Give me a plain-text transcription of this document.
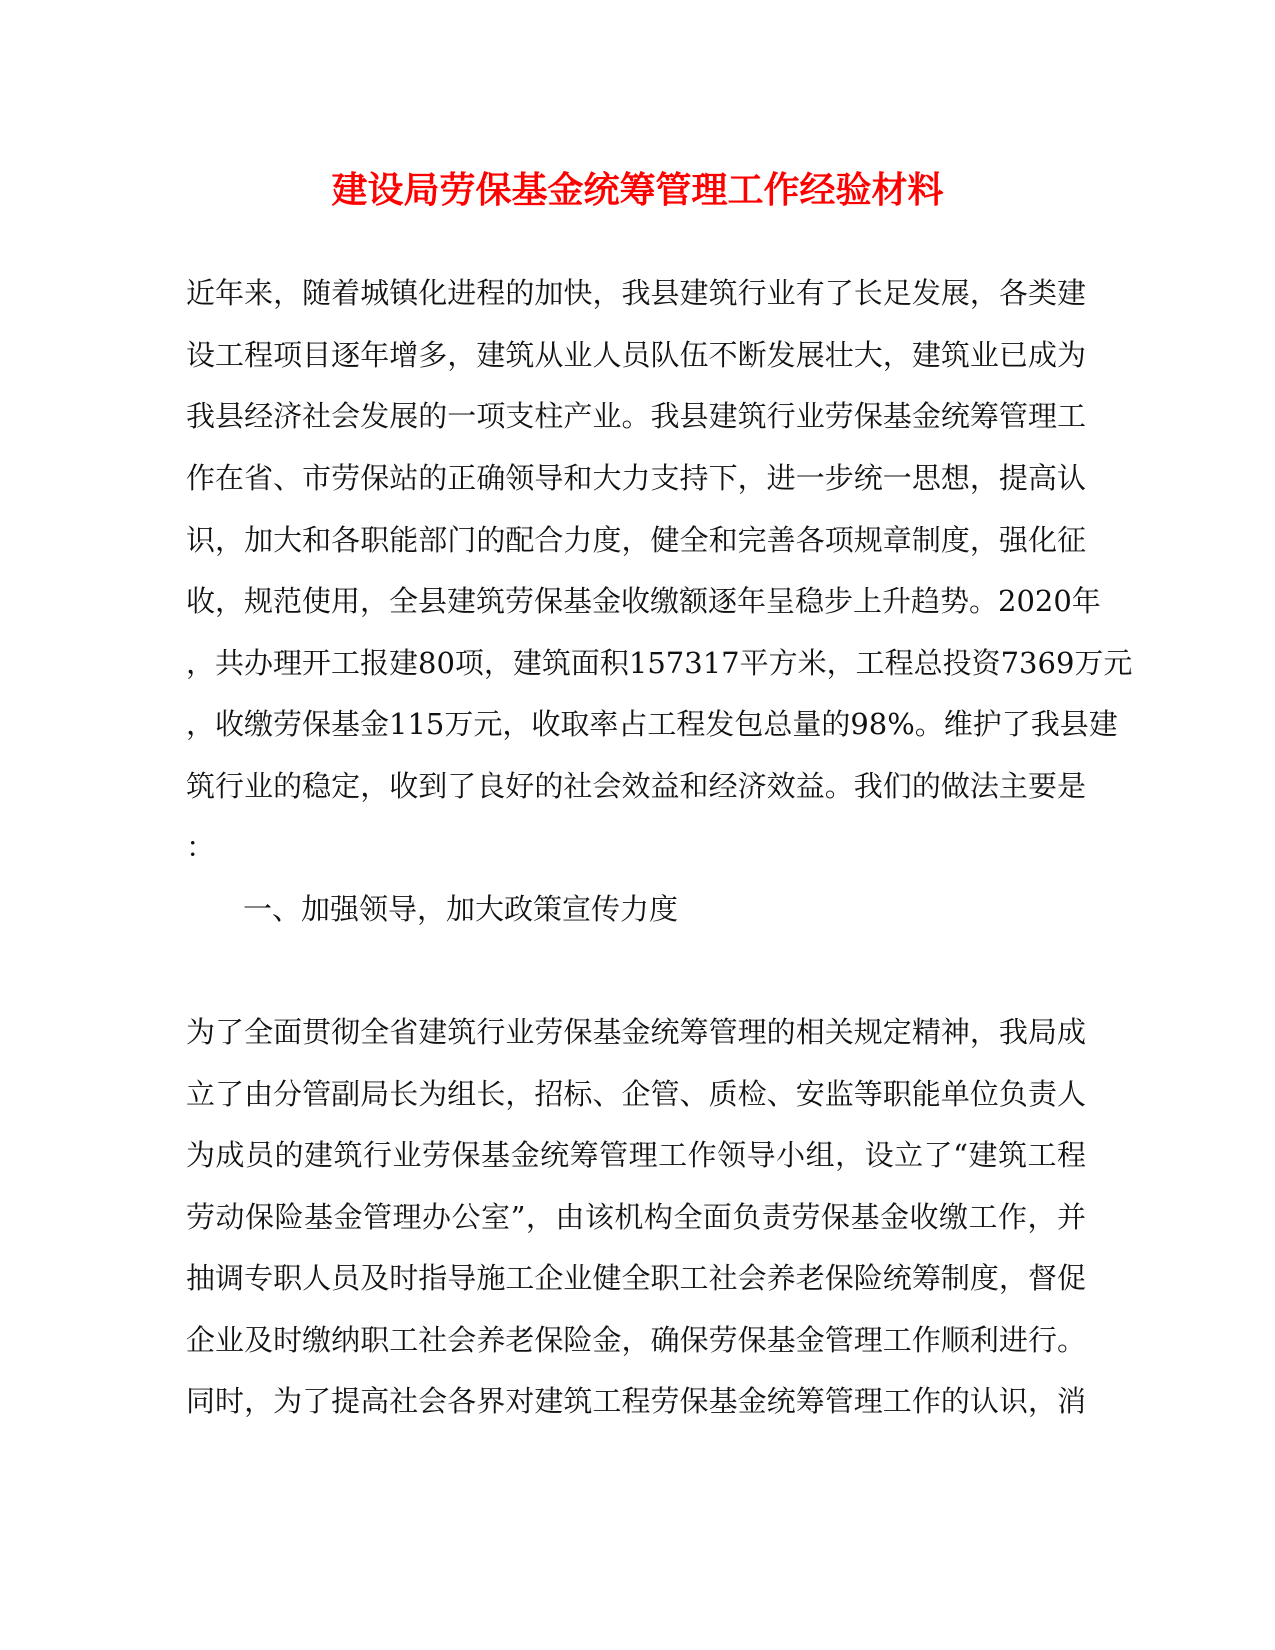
建设局劳保基金统筹管理工作经验材料

近年来，随着城镇化进程的加快，我县建筑行业有了长足发展，各类建

设工程项目逐年增多，建筑从业人员队伍不断发展壮大，建筑业已成为

我县经济社会发展的一项支柱产业。我县建筑行业劳保基金统筹管理工

作在省、市劳保站的正确领导和大力支持下，进一步统一思想，提高认

识，加大和各职能部门的配合力度，健全和完善各项规章制度，强化征

收，规范使用，全县建筑劳保基金收缴额逐年呈稳步上升趋势。2020年

，共办理开工报建80项，建筑面积157317平方米，工程总投资7369万元

，收缴劳保基金115万元，收取率占工程发包总量的98%。维护了我县建

筑行业的稳定，收到了良好的社会效益和经济效益。我们的做法主要是

：

一、加强领导，加大政策宣传力度

为了全面贯彻全省建筑行业劳保基金统筹管理的相关规定精神，我局成

立了由分管副局长为组长，招标、企管、质检、安监等职能单位负责人

为成员的建筑行业劳保基金统筹管理工作领导小组，设立了“建筑工程

劳动保险基金管理办公室”，由该机构全面负责劳保基金收缴工作，并

抽调专职人员及时指导施工企业健全职工社会养老保险统筹制度，督促

企业及时缴纳职工社会养老保险金，确保劳保基金管理工作顺利进行。

同时，为了提高社会各界对建筑工程劳保基金统筹管理工作的认识，消
